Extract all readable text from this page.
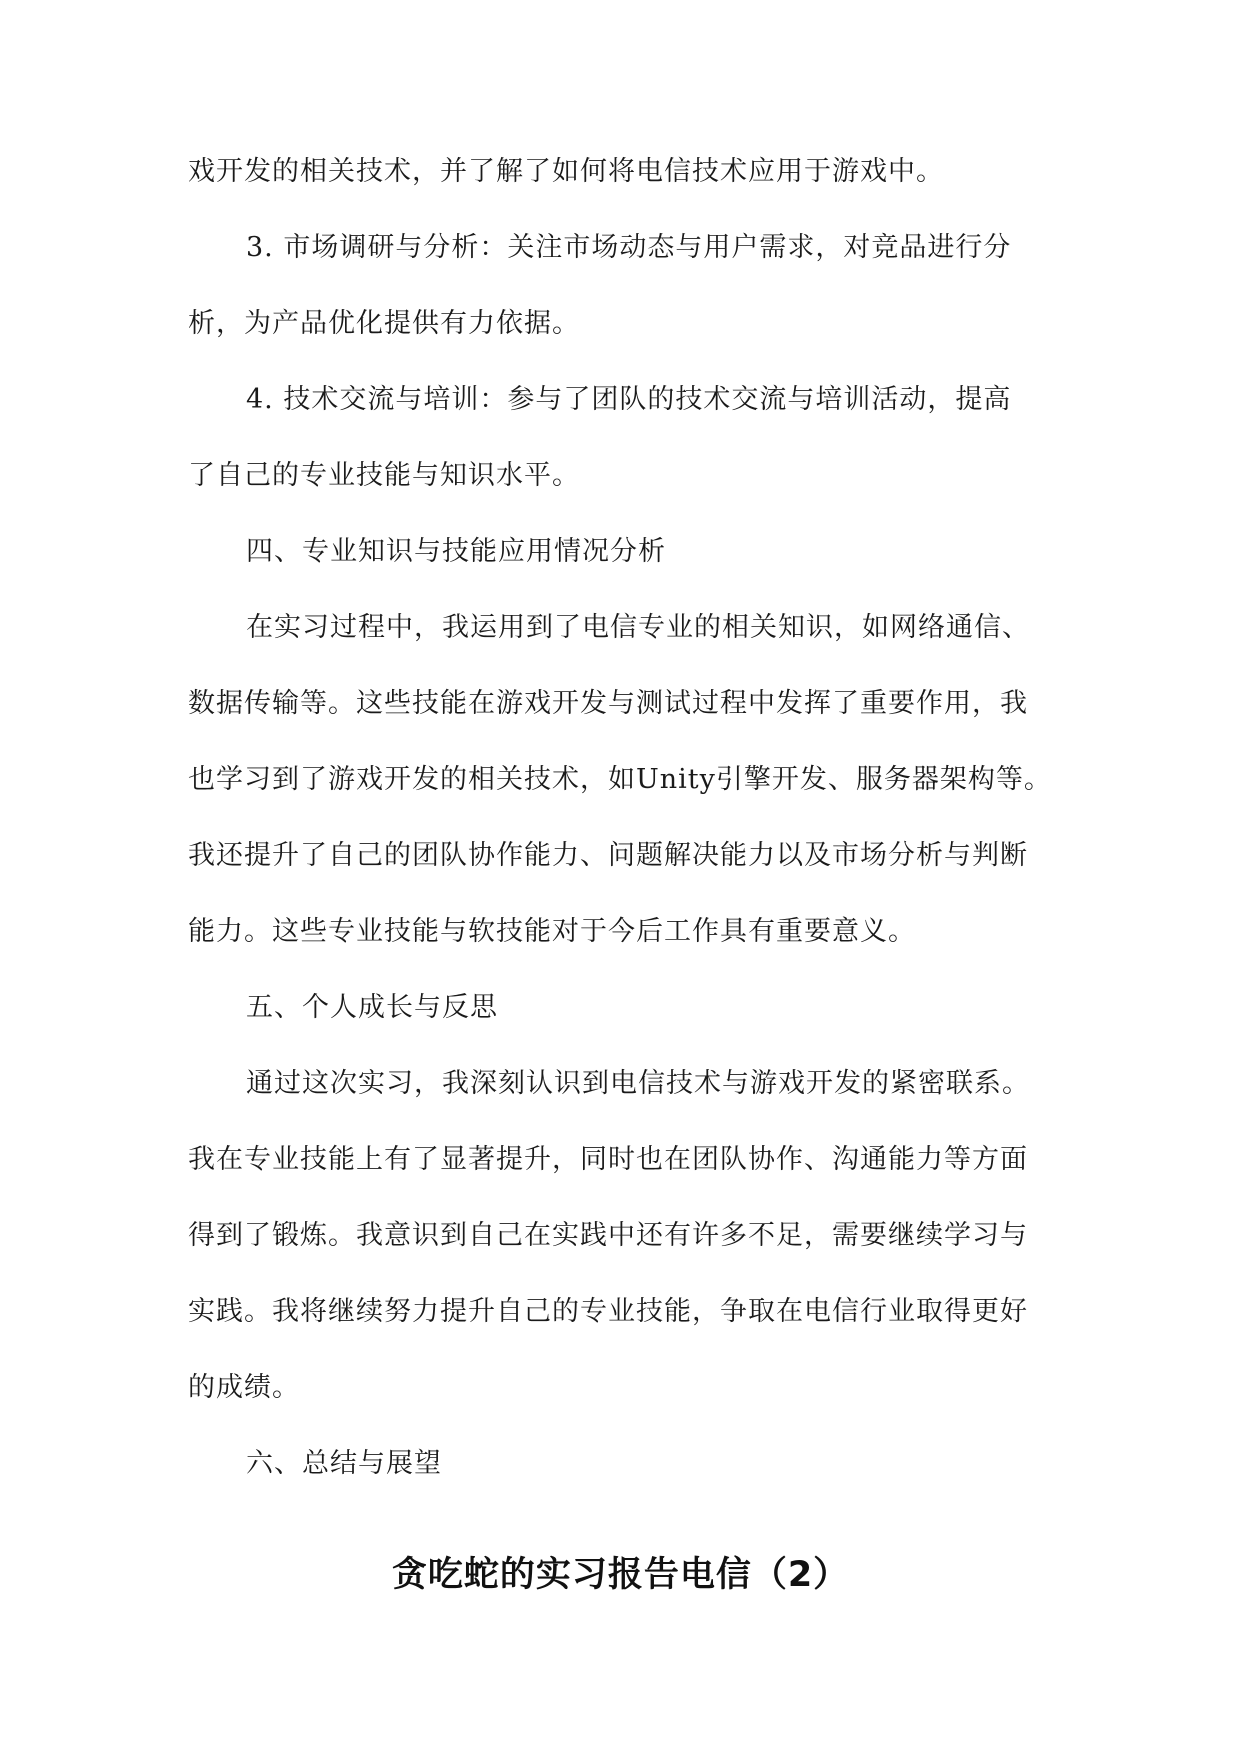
戏开发的相关技术，并了解了如何将电信技术应用于游戏中。

3. 市场调研与分析：关注市场动态与用户需求，对竞品进行分

析，为产品优化提供有力依据。

4. 技术交流与培训：参与了团队的技术交流与培训活动，提高

了自己的专业技能与知识水平。

四、专业知识与技能应用情况分析

在实习过程中，我运用到了电信专业的相关知识，如网络通信、

数据传输等。这些技能在游戏开发与测试过程中发挥了重要作用，我

也学习到了游戏开发的相关技术，如Unity引擎开发、服务器架构等。

我还提升了自己的团队协作能力、问题解决能力以及市场分析与判断

能力。这些专业技能与软技能对于今后工作具有重要意义。

五、个人成长与反思

通过这次实习，我深刻认识到电信技术与游戏开发的紧密联系。

我在专业技能上有了显著提升，同时也在团队协作、沟通能力等方面

得到了锻炼。我意识到自己在实践中还有许多不足，需要继续学习与

实践。我将继续努力提升自己的专业技能，争取在电信行业取得更好

的成绩。

六、总结与展望

贪吃蛇的实习报告电信（2）
